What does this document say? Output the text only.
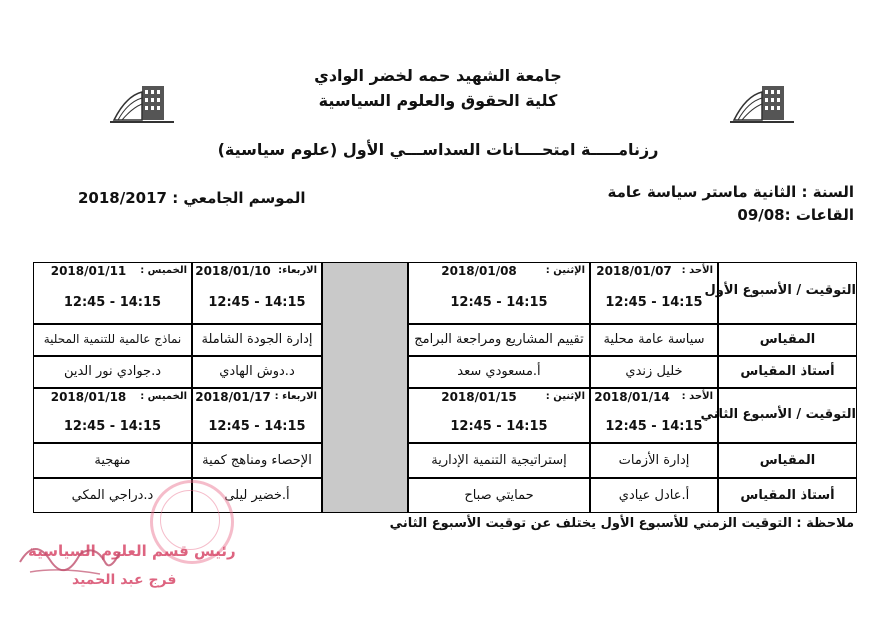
جامعة الشهيد حمه لخضر الوادي
كلية الحقوق والعلوم السياسية
رزنامـــــة امتحــــانات السداســـي الأول (علوم سياسية)
السنة : الثانية ماستر سياسة عامة
القاعات :09/08
الموسم الجامعي : 2018/2017
التوقيت / الأسبوع الأول
المقياس
أستاذ المقياس
التوقيت / الأسبوع الثاني
المقياس
أستاذ المقياس
الأحد :
2018/01/07
12:45 - 14:15
سياسة عامة محلية
خليل زندي
الإثنين :
2018/01/08
12:45 - 14:15
تقييم المشاريع ومراجعة البرامج
أ.مسعودي سعد
الاربعاء:
2018/01/10
12:45 - 14:15
إدارة الجودة الشاملة
د.دوش الهادي
الخميس :
2018/01/11
12:45 - 14:15
نماذج عالمية للتنمية المحلية
د.جوادي نور الدين
الأحد :
2018/01/14
12:45 - 14:15
إدارة الأزمات
أ.عادل عيادي
الإثنين :
2018/01/15
12:45 - 14:15
إستراتيجية التنمية الإدارية
حمايتي صباح
الاربعاء :
2018/01/17
12:45 - 14:15
الإحصاء ومناهج كمية
أ.خضير ليلى
الخميس :
2018/01/18
12:45 - 14:15
منهجية
د.دراجي المكي
ملاحظة : التوقيت الزمني للأسبوع الأول يختلف عن توقيت الأسبوع الثاني
رئيس قسم العلوم السياسية
فرج عبد الحميد
